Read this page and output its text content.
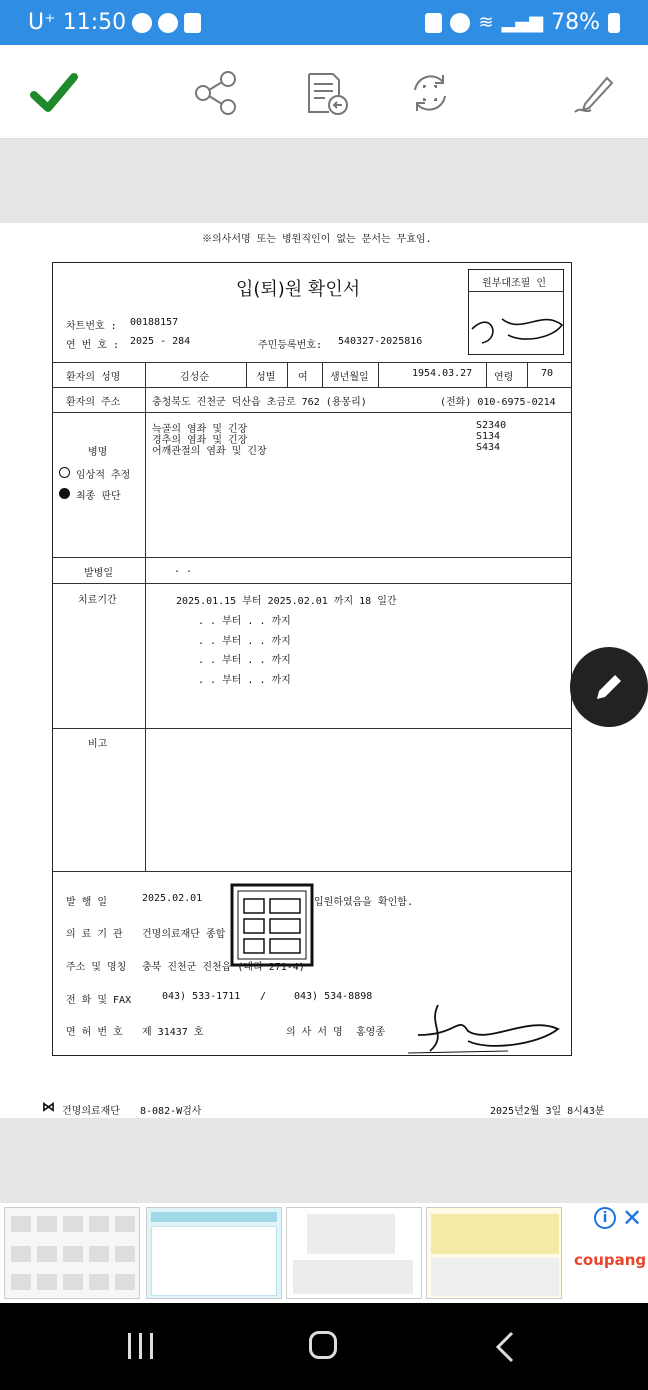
U⁺ 11:50	≋ ▂▄▆ 78%
※의사서명 또는 병원직인이 없는 문서는 무효임.
입(퇴)원 확인서	원부대조필 인
차트번호 : 00188157
연 번 호 : 2025 - 284	주민등록번호: 540327-2025816
환자의 성명	김성순	성별 여 생년월일	1954.03.27 연령	70
환자의 주소	충청북도 진천군 덕산읍 초금로 762 (용몽리)	(전화) 010-6975-0214
병명
임상적 추정
최종 판단
늑골의 염좌 및 긴장	S2340
경추의 염좌 및 긴장	S134
어깨관절의 염좌 및 긴장	S434
발병일	. .
치료기간	2025.01.15 부터 2025.02.01 까지 18 일간
. . 부터 . . 까지
. . 부터 . . 까지
. . 부터 . . 까지
. . 부터 . . 까지
비고
발 행 일	2025.02.01	입원하였음을 확인함.
의 료 기 관 건명의료재단 종합
주소 및 명칭 충북 진천군 진천읍 (내리 271-4)
전 화 및 FAX	043) 533-1711 /	043) 534-8898
면 허 번 호 제 31437 호	의 사 서 명 홍영종
⋈ 건명의료재단 8-082-W검사	2025년2월 3일 8시43분
i ✕
coupang
